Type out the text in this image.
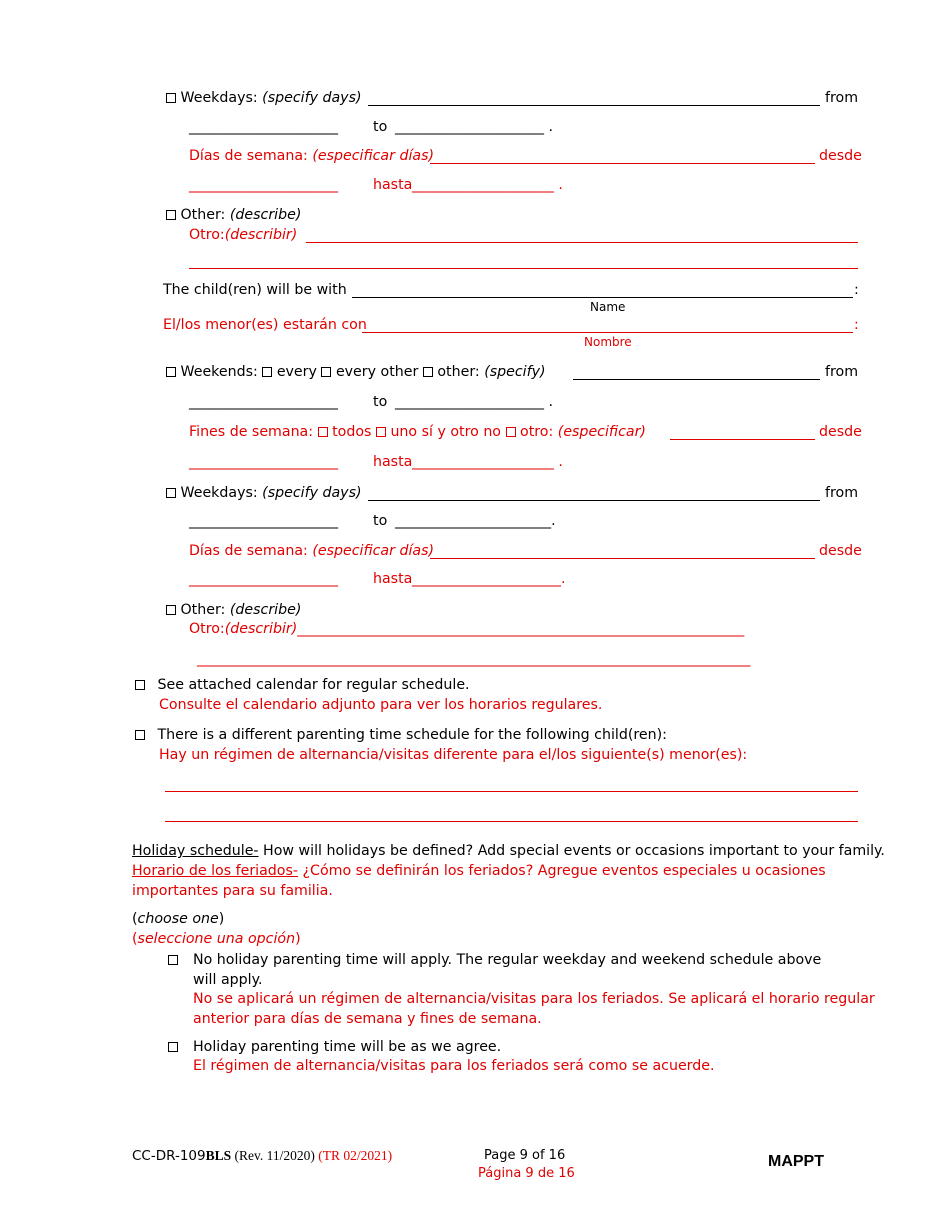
Weekdays: (specify days)	from
_____________________ to _____________________ .
Días de semana: (especificar días)	desde
_____________________ hasta ____________________ .
Other: (describe)
Otro:(describir)
The child(ren) will be with	:
Name
El/los menor(es) estarán con	:
Nombre
Weekends: every every other other: (specify)	from
_____________________ to _____________________ .
Fines de semana: todos uno sí y otro no otro: (especificar)	desde
_____________________ hasta ____________________ .
Weekdays: (specify days)	from
_____________________ to ______________________.
Días de semana: (especificar días)	desde
_____________________ hasta _____________________.
Other: (describe)
Otro:(describir)_______________________________________________________________
______________________________________________________________________________
See attached calendar for regular schedule.
Consulte el calendario adjunto para ver los horarios regulares.
There is a different parenting time schedule for the following child(ren):
Hay un régimen de alternancia/visitas diferente para el/los siguiente(s) menor(es):
Holiday schedule- How will holidays be defined? Add special events or occasions important to your family.
Horario de los feriados- ¿Cómo se definirán los feriados? Agregue eventos especiales u ocasiones
importantes para su familia.
(choose one)
(seleccione una opción)
No holiday parenting time will apply. The regular weekday and weekend schedule above
will apply.
No se aplicará un régimen de alternancia/visitas para los feriados. Se aplicará el horario regular
anterior para días de semana y fines de semana.
Holiday parenting time will be as we agree.
El régimen de alternancia/visitas para los feriados será como se acuerde.
CC-DR-109BLS (Rev. 11/2020) (TR 02/2021)	Page 9 of 16
Página 9 de 16
MAPPT
